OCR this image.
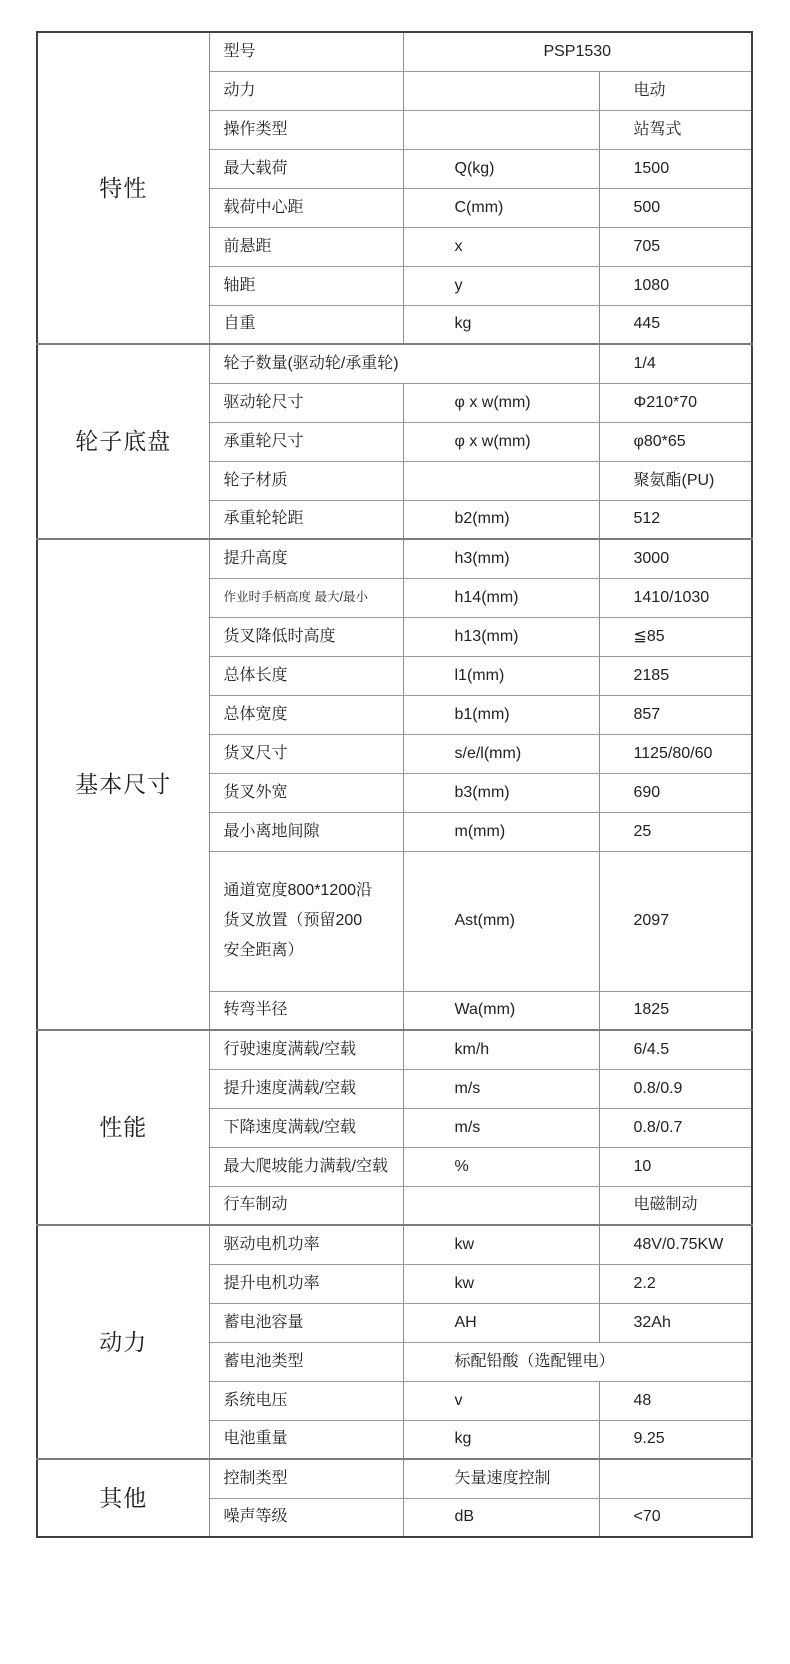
特性	型号	PSP1530	
	动力		电动
	操作类型		站驾式
	最大载荷	Q(kg)	1500
	载荷中心距	C(mm)	500
	前悬距	x	705
	轴距	y	1080
	自重	kg	445
轮子底盘	轮子数量(驱动轮/承重轮)		1/4
	驱动轮尺寸	φ x w(mm)	Φ210*70
	承重轮尺寸	φ x w(mm)	φ80*65
	轮子材质		聚氨酯(PU)
	承重轮轮距	b2(mm)	512
基本尺寸	提升高度	h3(mm)	3000
	作业时手柄高度 最大/最小	h14(mm)	1410/1030
	货叉降低时高度	h13(mm)	≦85
	总体长度	l1(mm)	2185
	总体宽度	b1(mm)	857
	货叉尺寸	s/e/l(mm)	1125/80/60
	货叉外宽	b3(mm)	690
	最小离地间隙	m(mm)	25

	通道宽度800*1200沿货叉放置（预留200安全距离）	Ast(mm)	2097
	转弯半径	Wa(mm)	1825
性能	行驶速度满载/空载	km/h	6/4.5
	提升速度满载/空载	m/s	0.8/0.9
	下降速度满载/空载	m/s	0.8/0.7
	最大爬坡能力满载/空载	%	10
	行车制动		电磁制动
动力	驱动电机功率	kw	48V/0.75KW
	提升电机功率	kw	2.2
	蓄电池容量	AH	32Ah
	蓄电池类型	标配铅酸（选配锂电）	
	系统电压	v	48
	电池重量	kg	9.25
其他	控制类型	矢量速度控制	
	噪声等级	dB	<70
